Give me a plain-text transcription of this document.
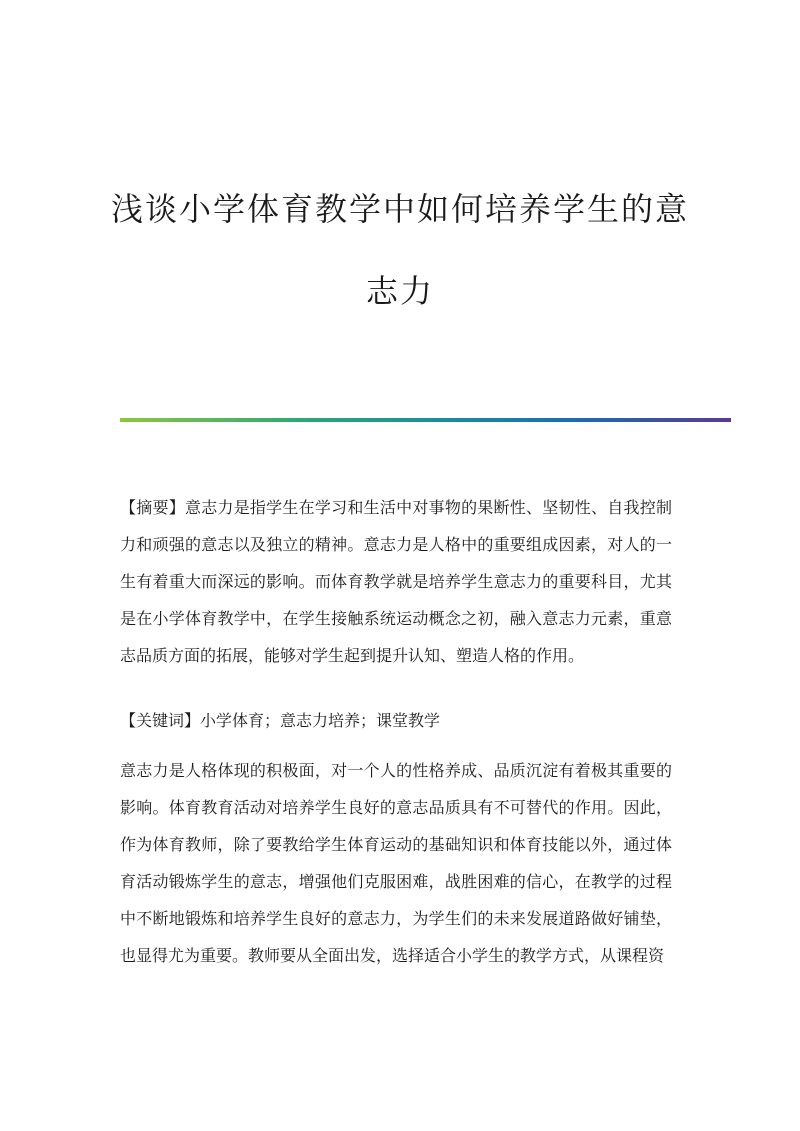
浅谈小学体育教学中如何培养学生的意
志力

【摘要】意志力是指学生在学习和生活中对事物的果断性、坚韧性、自我控制力和顽强的意志以及独立的精神。意志力是人格中的重要组成因素，对人的一生有着重大而深远的影响。而体育教学就是培养学生意志力的重要科目，尤其是在小学体育教学中，在学生接触系统运动概念之初，融入意志力元素，重意志品质方面的拓展，能够对学生起到提升认知、塑造人格的作用。

【关键词】小学体育；意志力培养；课堂教学

意志力是人格体现的积极面，对一个人的性格养成、品质沉淀有着极其重要的影响。体育教育活动对培养学生良好的意志品质具有不可替代的作用。因此，作为体育教师，除了要教给学生体育运动的基础知识和体育技能以外，通过体育活动锻炼学生的意志，增强他们克服困难，战胜困难的信心，在教学的过程中不断地锻炼和培养学生良好的意志力，为学生们的未来发展道路做好铺垫，也显得尤为重要。教师要从全面出发，选择适合小学生的教学方式，从课程资
